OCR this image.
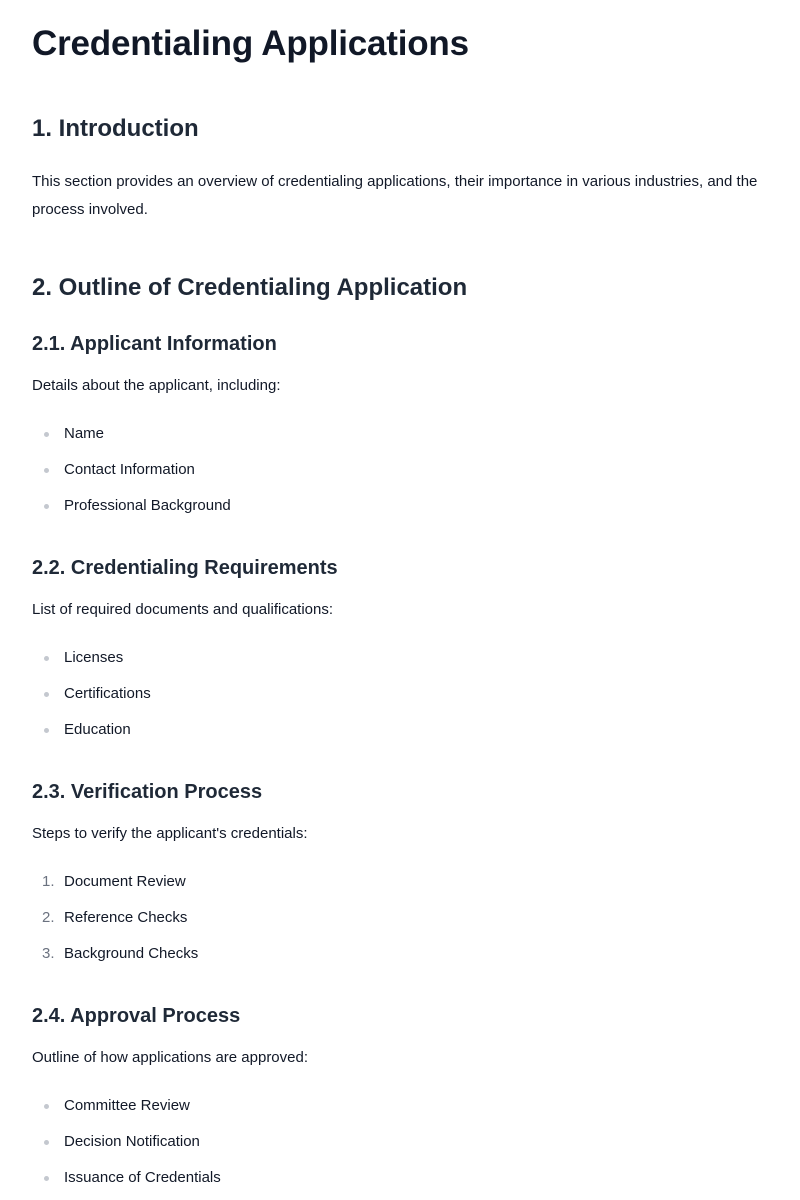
Credentialing Applications
1. Introduction

This section provides an overview of credentialing applications, their importance in various industries, and the process involved.

2. Outline of Credentialing Application
2.1. Applicant Information

Details about the applicant, including:

Name
Contact Information
Professional Background
2.2. Credentialing Requirements

List of required documents and qualifications:

Licenses
Certifications
Education
2.3. Verification Process

Steps to verify the applicant's credentials:

1. Document Review
2. Reference Checks
3. Background Checks
2.4. Approval Process

Outline of how applications are approved:

Committee Review
Decision Notification
Issuance of Credentials
